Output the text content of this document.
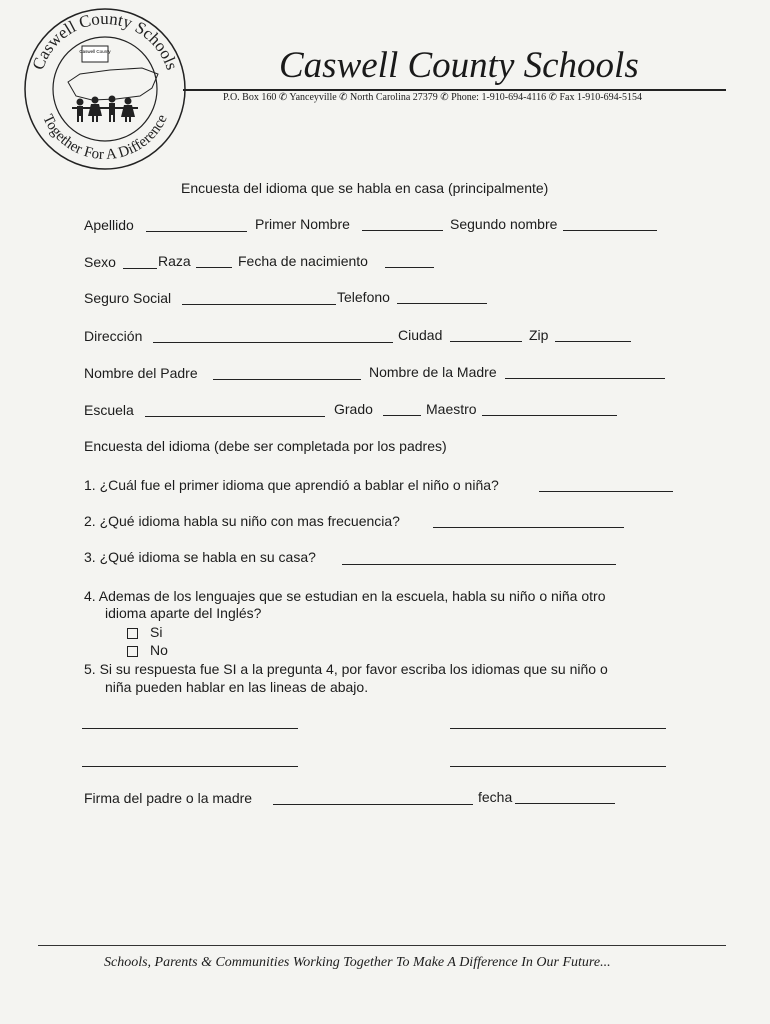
Caswell County Schools
Together For A Difference
Caswell County	Caswell County Schools
P.O. Box 160 ✆ Yanceyville ✆ North Carolina 27379 ✆ Phone: 1-910-694-4116 ✆ Fax 1-910-694-5154
Encuesta del idioma que se habla en casa (principalmente)
Apellido	Primer Nombre	Segundo nombre
Sexo	Raza	Fecha de nacimiento
Seguro Social	Telefono
Dirección	Ciudad	Zip
Nombre del Padre	Nombre de la Madre
Escuela	Grado	Maestro
Encuesta del idioma (debe ser completada por los padres)
1. ¿Cuál fue el primer idioma que aprendió a bablar el niño o niña?
2. ¿Qué idioma habla su niño con mas frecuencia?
3. ¿Qué idioma se habla en su casa?
4. Ademas de los lenguajes que se estudian en la escuela, habla su niño o niña otro
idioma aparte del Inglés?
Si
No
5. Si su respuesta fue SI a la pregunta 4, por favor escriba los idiomas que su niño o
niña pueden hablar en las lineas de abajo.
Firma del padre o la madre	fecha
Schools, Parents & Communities Working Together To Make A Difference In Our Future...
